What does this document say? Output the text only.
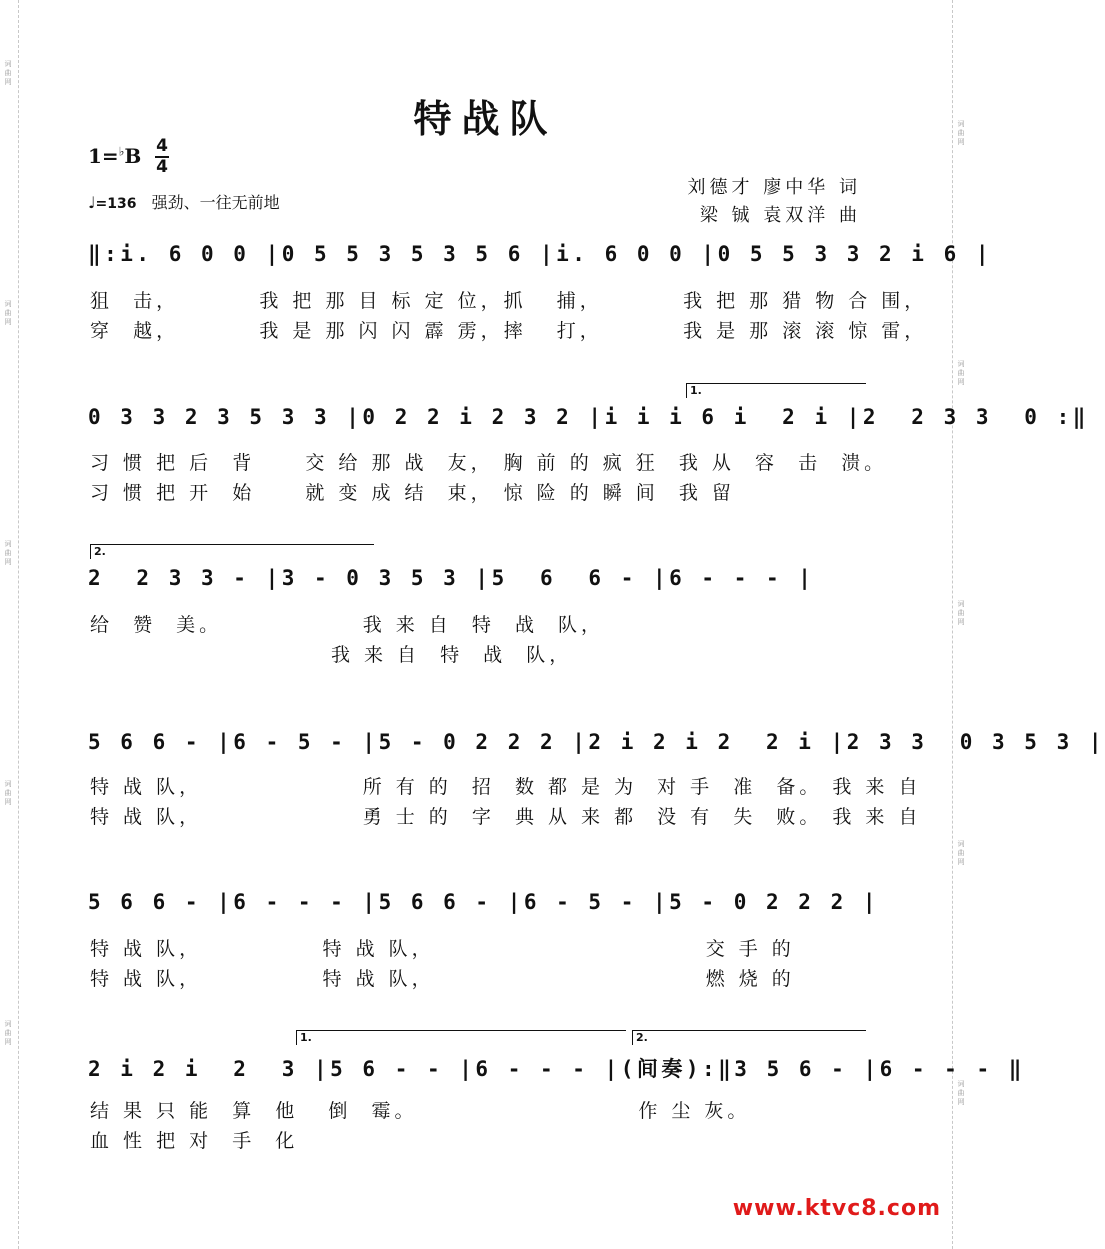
词曲网
词曲网
词曲网
词曲网
词曲网
词曲网
词曲网
词曲网
词曲网
词曲网
特战队
1=♭B 4
4
♩=136 强劲、一往无前地
刘德才 廖中华 词
梁 铖 袁双洋 曲
‖:i. 6 0 0 |0 5 5 3 5 3 5 6 |i. 6 0 0 |0 5 5 3 3 2 i 6 |
狙  击，        我 把 那 目 标 定 位，抓   捕，        我 把 那 猎 物 合 围，
穿  越，        我 是 那 闪 闪 霹 雳，摔   打，        我 是 那 滚 滚 惊 雷，
1.
0 3 3 2 3 5 3 3 |0 2 2 i 2 3 2 |i i i 6 i  2 i |2  2 3 3  0 :‖
习 惯 把 后  背     交 给 那 战  友， 胸 前 的 疯 狂  我 从  容  击  溃。
习 惯 把 开  始     就 变 成 结  束， 惊 险 的 瞬 间  我 留
2.
2  2 3 3 - |3 - 0 3 5 3 |5  6  6 - |6 - - - |
给  赞  美。              我 来 自  特  战  队，
我 来 自  特  战  队，
5 6 6 - |6 - 5 - |5 - 0 2 2 2 |2 i 2 i 2  2 i |2 3 3  0 3 5 3 |
特 战 队，                所 有 的  招  数 都 是 为  对 手  准  备。 我 来 自
特 战 队，                勇 士 的  字  典 从 来 都  没 有  失  败。 我 来 自
5 6 6 - |6 - - - |5 6 6 - |6 - 5 - |5 - 0 2 2 2 |
特 战 队，            特 战 队，                           交 手 的
特 战 队，            特 战 队，                           燃 烧 的
1.	2.
2 i 2 i  2  3 |5 6 - - |6 - - - |(间奏):‖3 5 6 - |6 - - - ‖
结 果 只 能  算  他   倒  霉。                      作 尘 灰。
血 性 把 对  手  化
www.ktvc8.com
